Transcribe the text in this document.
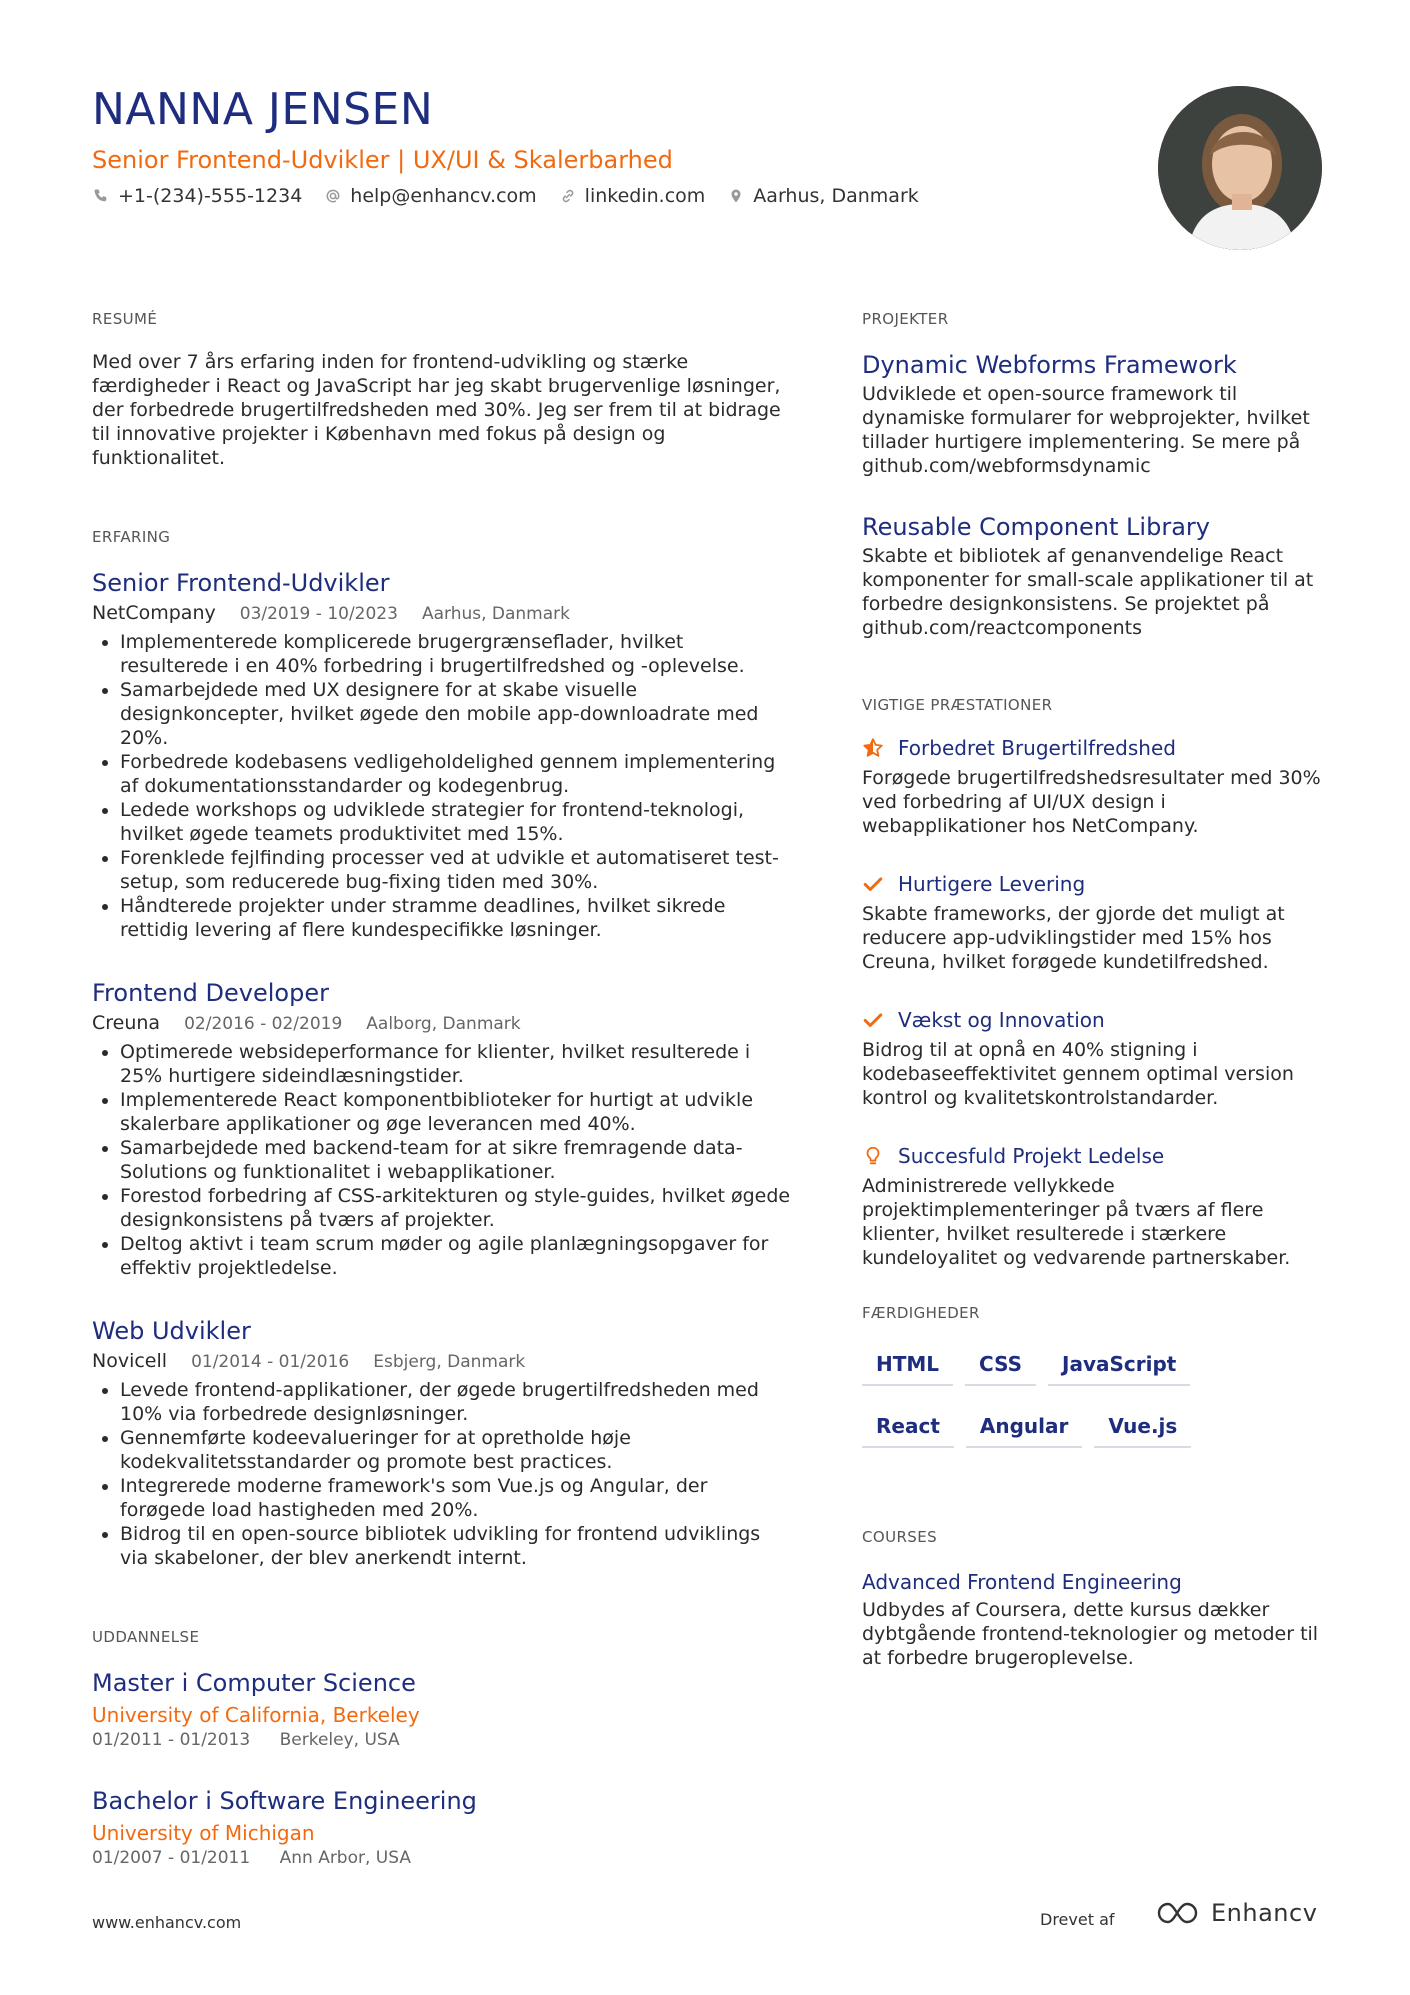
NANNA JENSEN
Senior Frontend-Udvikler | UX/UI & Skalerbarhed
+1-(234)-555-1234	help@enhancv.com	linkedin.com	Aarhus, Danmark
RESUMÉ

Med over 7 års erfaring inden for frontend-udvikling og stærke færdigheder i React og JavaScript har jeg skabt brugervenlige løsninger, der forbedrede brugertilfredsheden med 30%. Jeg ser frem til at bidrage til innovative projekter i København med fokus på design og funktionalitet.

ERFARING
Senior Frontend-Udvikler
NetCompany 03/2019 - 10/2023 Aarhus, Danmark
• Implementerede komplicerede brugergrænseflader, hvilket resulterede i en 40% forbedring i brugertilfredshed og -oplevelse.
• Samarbejdede med UX designere for at skabe visuelle designkoncepter, hvilket øgede den mobile app-downloadrate med 20%.
• Forbedrede kodebasens vedligeholdelighed gennem implementering af dokumentationsstandarder og kodegenbrug.
• Ledede workshops og udviklede strategier for frontend-teknologi, hvilket øgede teamets produktivitet med 15%.
• Forenklede fejlfinding processer ved at udvikle et automatiseret test-setup, som reducerede bug-fixing tiden med 30%.
• Håndterede projekter under stramme deadlines, hvilket sikrede rettidig levering af flere kundespecifikke løsninger.
Frontend Developer
Creuna 02/2016 - 02/2019 Aalborg, Danmark
• Optimerede websideperformance for klienter, hvilket resulterede i 25% hurtigere sideindlæsningstider.
• Implementerede React komponentbiblioteker for hurtigt at udvikle skalerbare applikationer og øge leverancen med 40%.
• Samarbejdede med backend-team for at sikre fremragende data-Solutions og funktionalitet i webapplikationer.
• Forestod forbedring af CSS-arkitekturen og style-guides, hvilket øgede designkonsistens på tværs af projekter.
• Deltog aktivt i team scrum møder og agile planlægningsopgaver for effektiv projektledelse.
Web Udvikler
Novicell 01/2014 - 01/2016 Esbjerg, Danmark
• Levede frontend-applikationer, der øgede brugertilfredsheden med 10% via forbedrede designløsninger.
• Gennemførte kodeevalueringer for at opretholde høje kodekvalitetsstandarder og promote best practices.
• Integrerede moderne framework's som Vue.js og Angular, der forøgede load hastigheden med 20%.
• Bidrog til en open-source bibliotek udvikling for frontend udviklings via skabeloner, der blev anerkendt internt.
UDDANNELSE
Master i Computer Science
University of California, Berkeley
01/2011 - 01/2013 Berkeley, USA
Bachelor i Software Engineering
University of Michigan
01/2007 - 01/2011 Ann Arbor, USA
PROJEKTER
Dynamic Webforms Framework

Udviklede et open-source framework til dynamiske formularer for webprojekter, hvilket tillader hurtigere implementering. Se mere på github.com/webformsdynamic

Reusable Component Library

Skabte et bibliotek af genanvendelige React komponenter for small-scale applikationer til at forbedre designkonsistens. Se projektet på github.com/reactcomponents

VIGTIGE PRÆSTATIONER
Forbedret Brugertilfredshed

Forøgede brugertilfredshedsresultater med 30% ved forbedring af UI/UX design i webapplikationer hos NetCompany.

Hurtigere Levering

Skabte frameworks, der gjorde det muligt at reducere app-udviklingstider med 15% hos Creuna, hvilket forøgede kundetilfredshed.

Vækst og Innovation

Bidrog til at opnå en 40% stigning i kodebaseeffektivitet gennem optimal version kontrol og kvalitetskontrolstandarder.

Succesfuld Projekt Ledelse

Administrerede vellykkede projektimplementeringer på tværs af flere klienter, hvilket resulterede i stærkere kundeloyalitet og vedvarende partnerskaber.

FÆRDIGHEDER
HTML	CSS	JavaScript
React	Angular	Vue.js
COURSES
Advanced Frontend Engineering

Udbydes af Coursera, dette kursus dækker dybtgående frontend-teknologier og metoder til at forbedre brugeroplevelse.

www.enhancv.com	Drevet af	Enhancv
